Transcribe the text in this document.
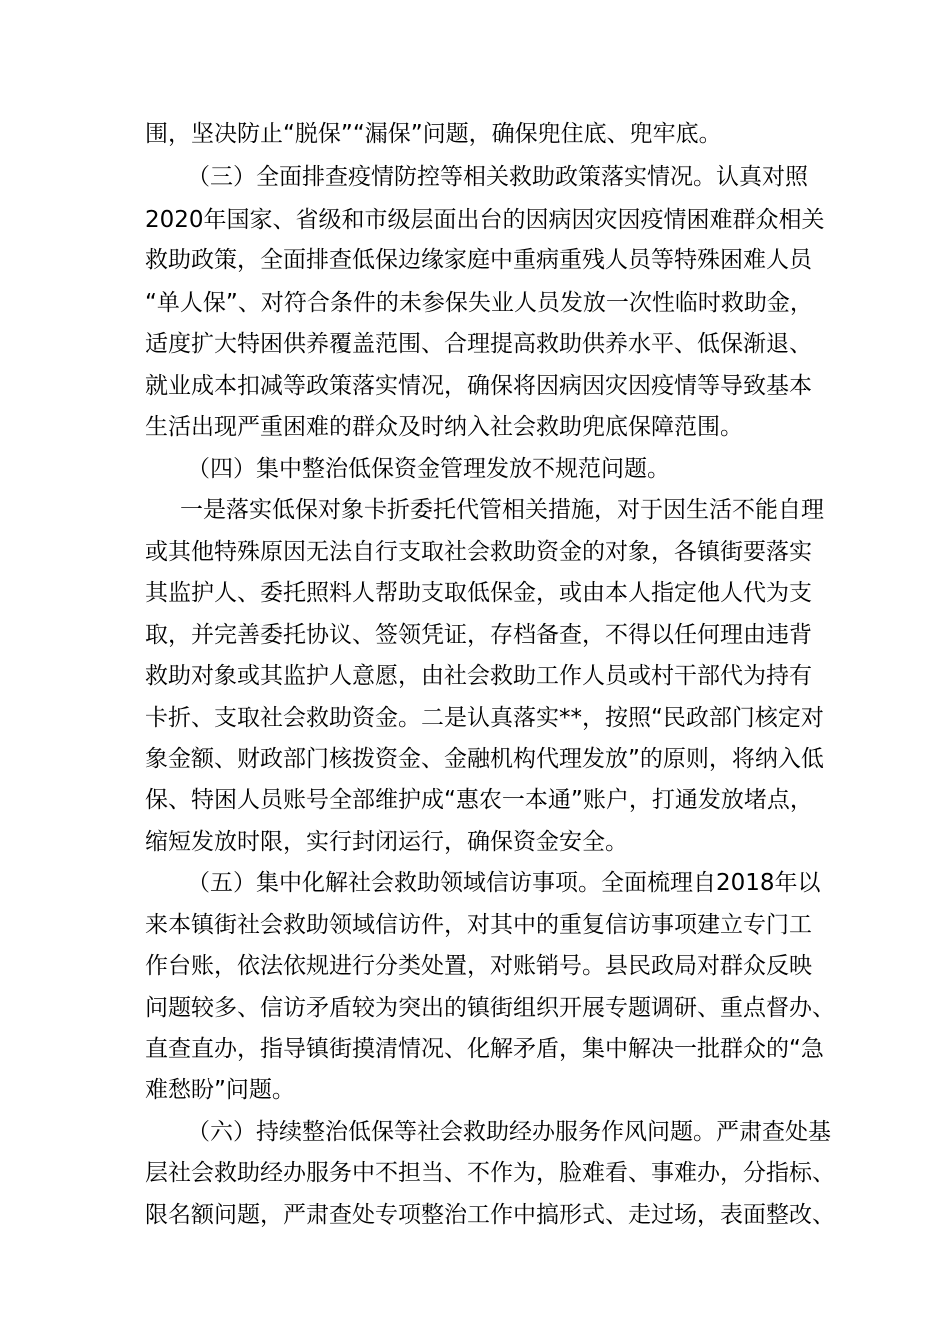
围，坚决防止“脱保”“漏保”问题，确保兜住底、兜牢底。
（三）全面排查疫情防控等相关救助政策落实情况。认真对照
2020年国家、省级和市级层面出台的因病因灾因疫情困难群众相关
救助政策，全面排查低保边缘家庭中重病重残人员等特殊困难人员
“单人保”、对符合条件的未参保失业人员发放一次性临时救助金，
适度扩大特困供养覆盖范围、合理提高救助供养水平、低保渐退、
就业成本扣减等政策落实情况，确保将因病因灾因疫情等导致基本
生活出现严重困难的群众及时纳入社会救助兜底保障范围。
（四）集中整治低保资金管理发放不规范问题。
一是落实低保对象卡折委托代管相关措施，对于因生活不能自理
或其他特殊原因无法自行支取社会救助资金的对象，各镇街要落实
其监护人、委托照料人帮助支取低保金，或由本人指定他人代为支
取，并完善委托协议、签领凭证，存档备查，不得以任何理由违背
救助对象或其监护人意愿，由社会救助工作人员或村干部代为持有
卡折、支取社会救助资金。二是认真落实**，按照“民政部门核定对
象金额、财政部门核拨资金、金融机构代理发放”的原则，将纳入低
保、特困人员账号全部维护成“惠农一本通”账户，打通发放堵点，
缩短发放时限，实行封闭运行，确保资金安全。
（五）集中化解社会救助领域信访事项。全面梳理自2018年以
来本镇街社会救助领域信访件，对其中的重复信访事项建立专门工
作台账，依法依规进行分类处置，对账销号。县民政局对群众反映
问题较多、信访矛盾较为突出的镇街组织开展专题调研、重点督办、
直查直办，指导镇街摸清情况、化解矛盾，集中解决一批群众的“急
难愁盼”问题。
（六）持续整治低保等社会救助经办服务作风问题。严肃查处基
层社会救助经办服务中不担当、不作为，脸难看、事难办，分指标、
限名额问题，严肃查处专项整治工作中搞形式、走过场，表面整改、
